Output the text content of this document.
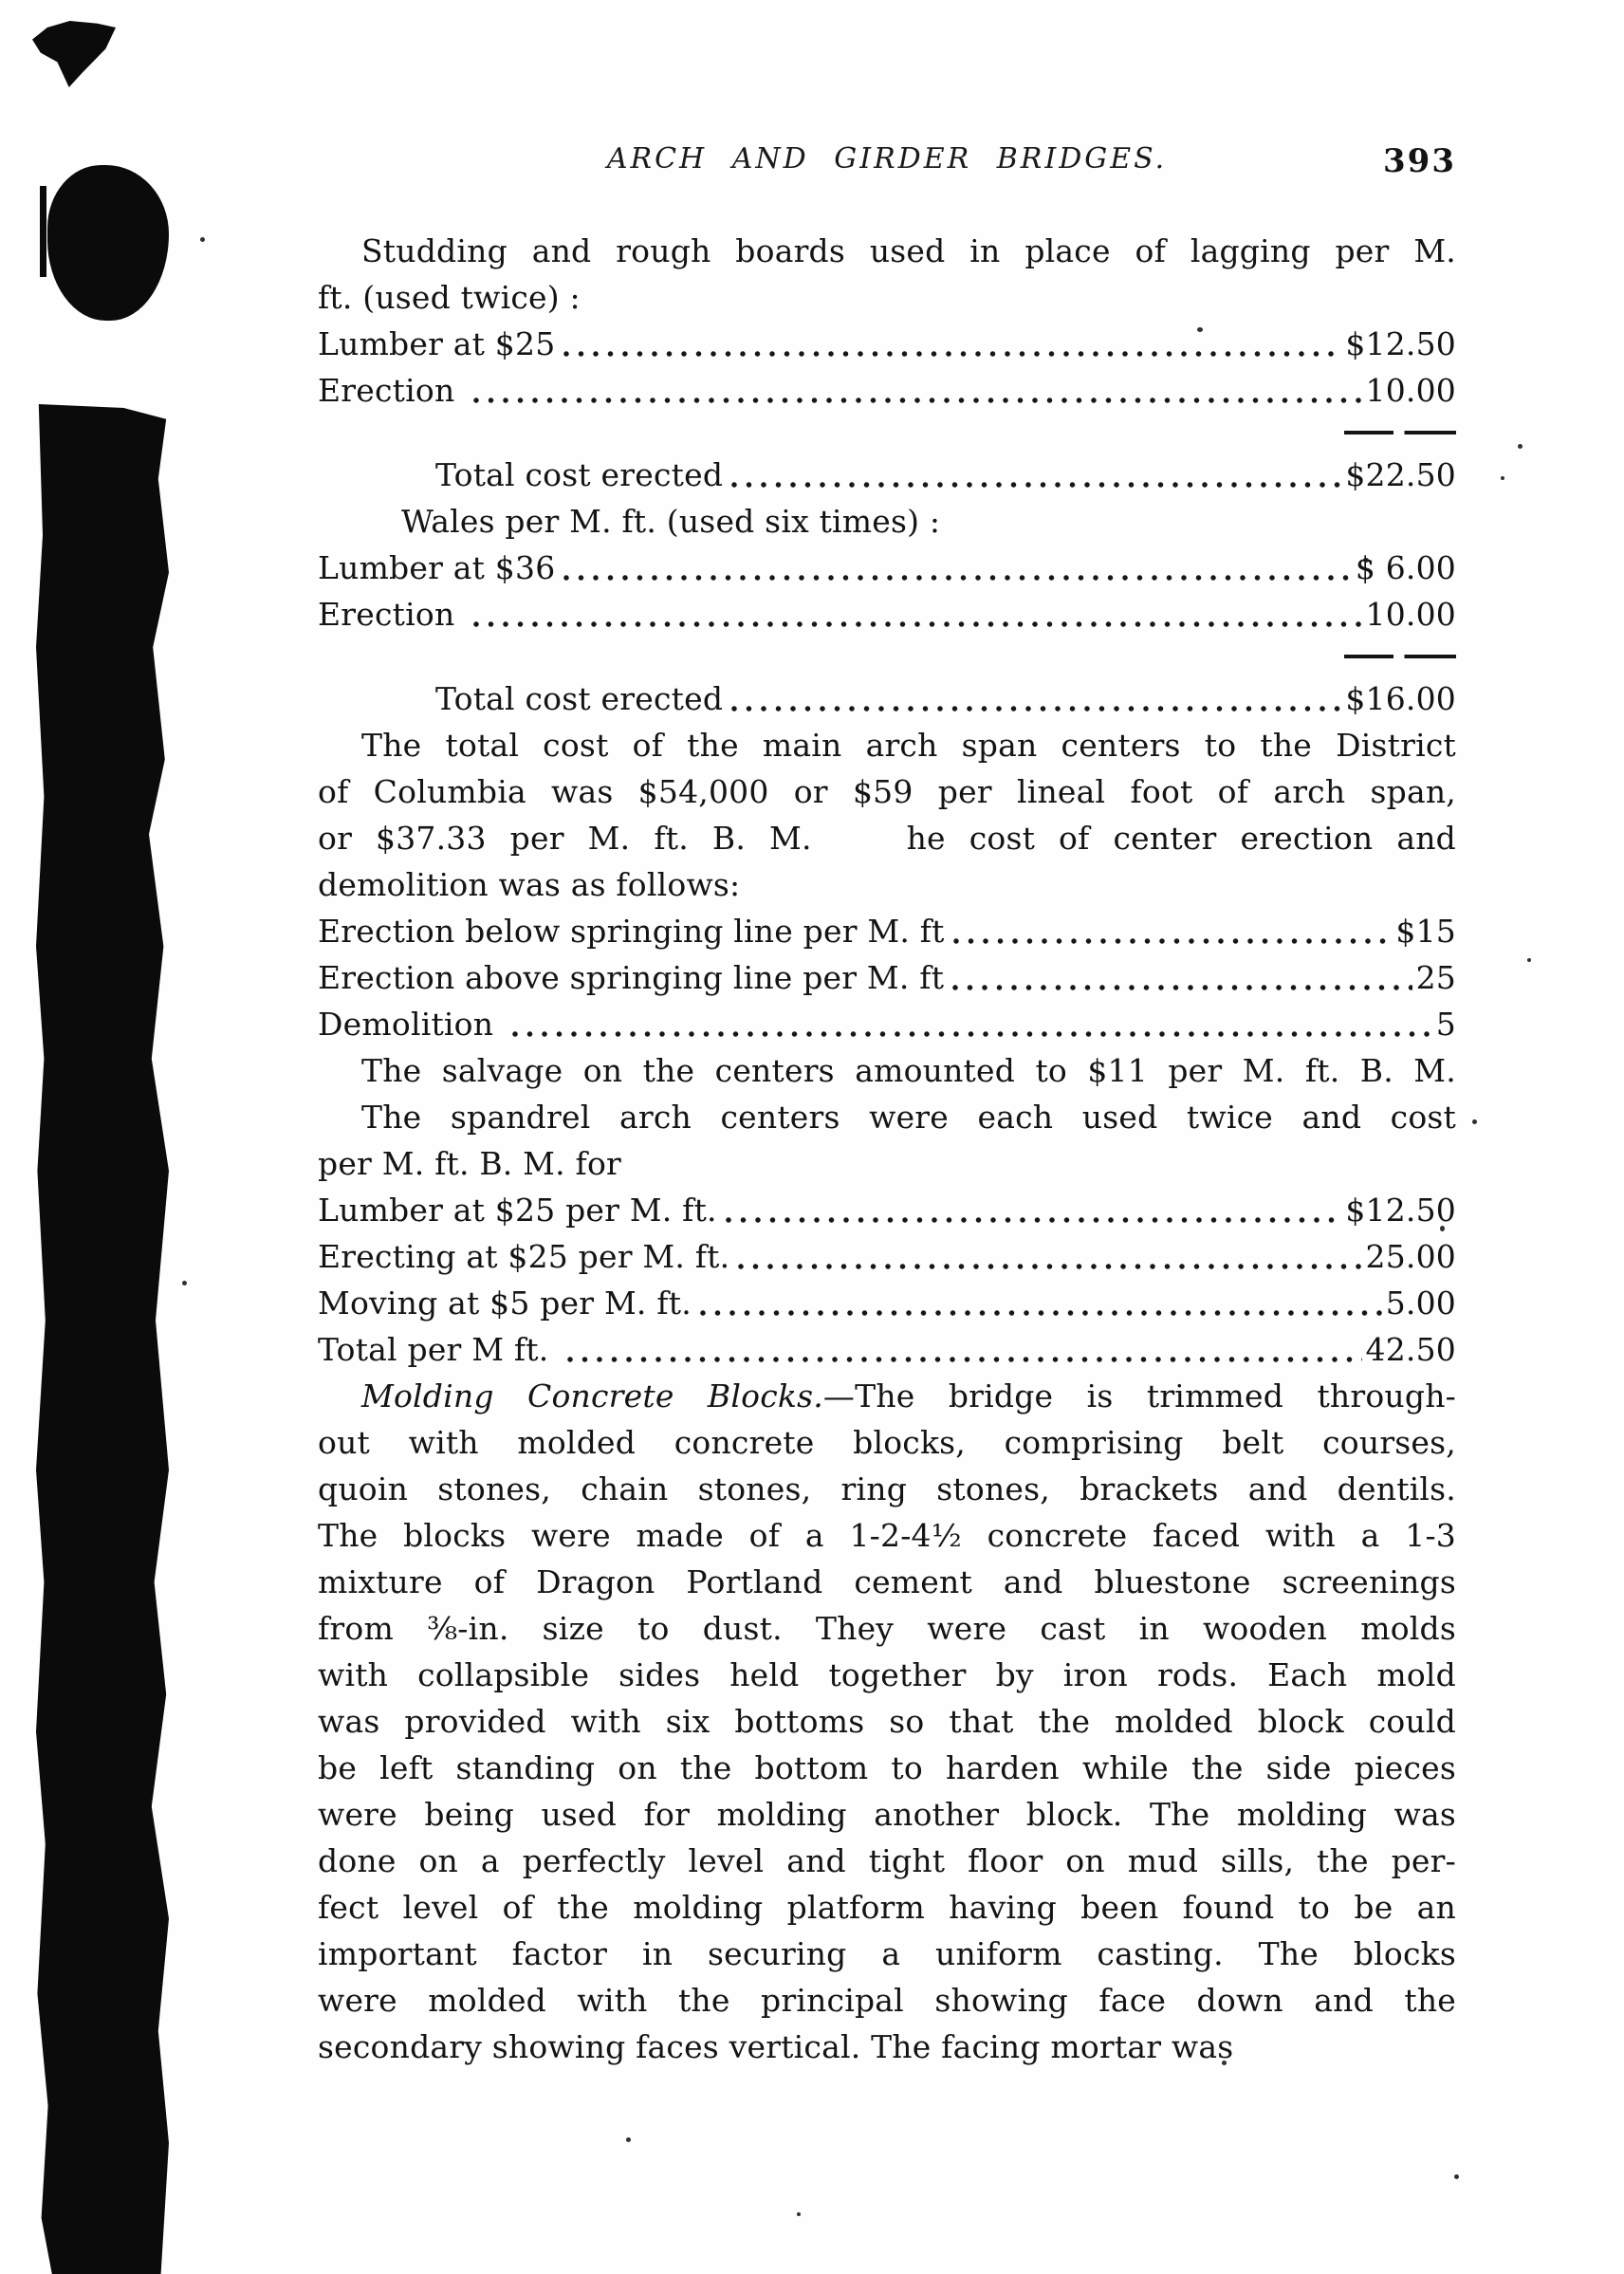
ARCH AND GIRDER BRIDGES.	393
Studding and rough boards used in place of lagging per M.
ft. (used twice) :
Lumber at $25	$12.50
Erection	10.00
Total cost erected	$22.50
Wales per M. ft. (used six times) :
Lumber at $36	$ 6.00
Erection	10.00
Total cost erected	$16.00
The total cost of the main arch span centers to the District
of Columbia was $54,000 or $59 per lineal foot of arch span,
or $37.33 per M. ft. B. M.    he cost of center erection and
demolition was as follows:
Erection below springing line per M. ft	$15
Erection above springing line per M. ft	25
Demolition	5
The salvage on the centers amounted to $11 per M. ft. B. M.
The spandrel arch centers were each used twice and cost
per M. ft. B. M. for
Lumber at $25 per M. ft.	$12.50
Erecting at $25 per M. ft.	25.00
Moving at $5 per M. ft.	5.00
Total per M ft.	42.50
Molding Concrete Blocks.—The bridge is trimmed through-
out with molded concrete blocks, comprising belt courses,
quoin stones, chain stones, ring stones, brackets and dentils.
The blocks were made of a 1-2-4½ concrete faced with a 1-3
mixture of Dragon Portland cement and bluestone screenings
from ⅜-in. size to dust. They were cast in wooden molds
with collapsible sides held together by iron rods. Each mold
was provided with six bottoms so that the molded block could
be left standing on the bottom to harden while the side pieces
were being used for molding another block. The molding was
done on a perfectly level and tight floor on mud sills, the per-
fect level of the molding platform having been found to be an
important factor in securing a uniform casting. The blocks
were molded with the principal showing face down and the
secondary showing faces vertical. The facing mortar was
